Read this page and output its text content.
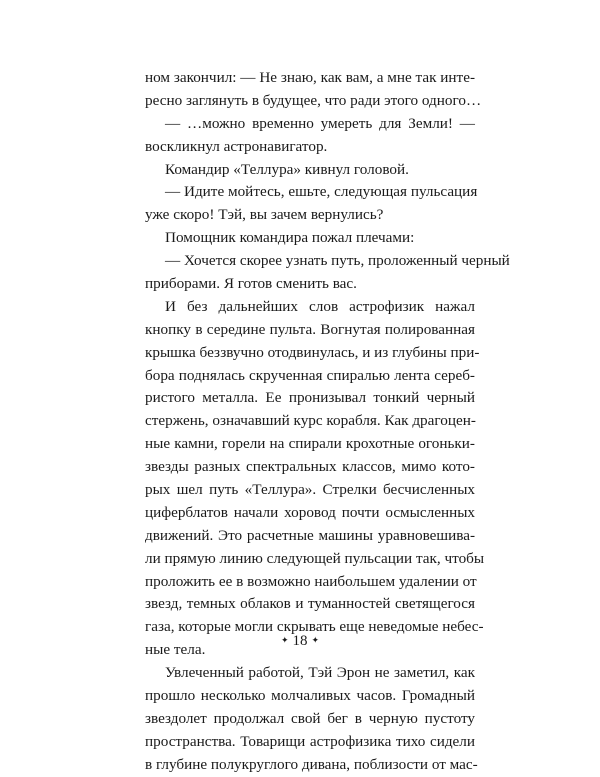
ном закончил: — Не знаю, как вам, а мне так инте-
ресно заглянуть в будущее, что ради этого одного…
— …можно временно умереть для Земли! —
воскликнул астронавигатор.
Командир «Теллура» кивнул головой.
— Идите мойтесь, ешьте, следующая пульсация
уже скоро! Тэй, вы зачем вернулись?
Помощник командира пожал плечами:
— Хочется скорее узнать путь, проложенный черный
приборами. Я готов сменить вас.
И без дальнейших слов астрофизик нажал
кнопку в середине пульта. Вогнутая полированная
крышка беззвучно отодвинулась, и из глубины при-
бора поднялась скрученная спиралью лента сереб-
ристого металла. Ее пронизывал тонкий черный
стержень, означавший курс корабля. Как драгоцен-
ные камни, горели на спирали крохотные огоньки-
звезды разных спектральных классов, мимо кото-
рых шел путь «Теллура». Стрелки бесчисленных
циферблатов начали хоровод почти осмысленных
движений. Это расчетные машины уравновешива-
ли прямую линию следующей пульсации так, чтобы
проложить ее в возможно наибольшем удалении от
звезд, темных облаков и туманностей светящегося
газа, которые могли скрывать еще неведомые небес-
ные тела.
Увлеченный работой, Тэй Эрон не заметил, как
прошло несколько молчаливых часов. Громадный
звездолет продолжал свой бег в черную пустоту
пространства. Товарищи астрофизика тихо сидели
в глубине полукруглого дивана, поблизости от мас-
✦ 18 ✦
